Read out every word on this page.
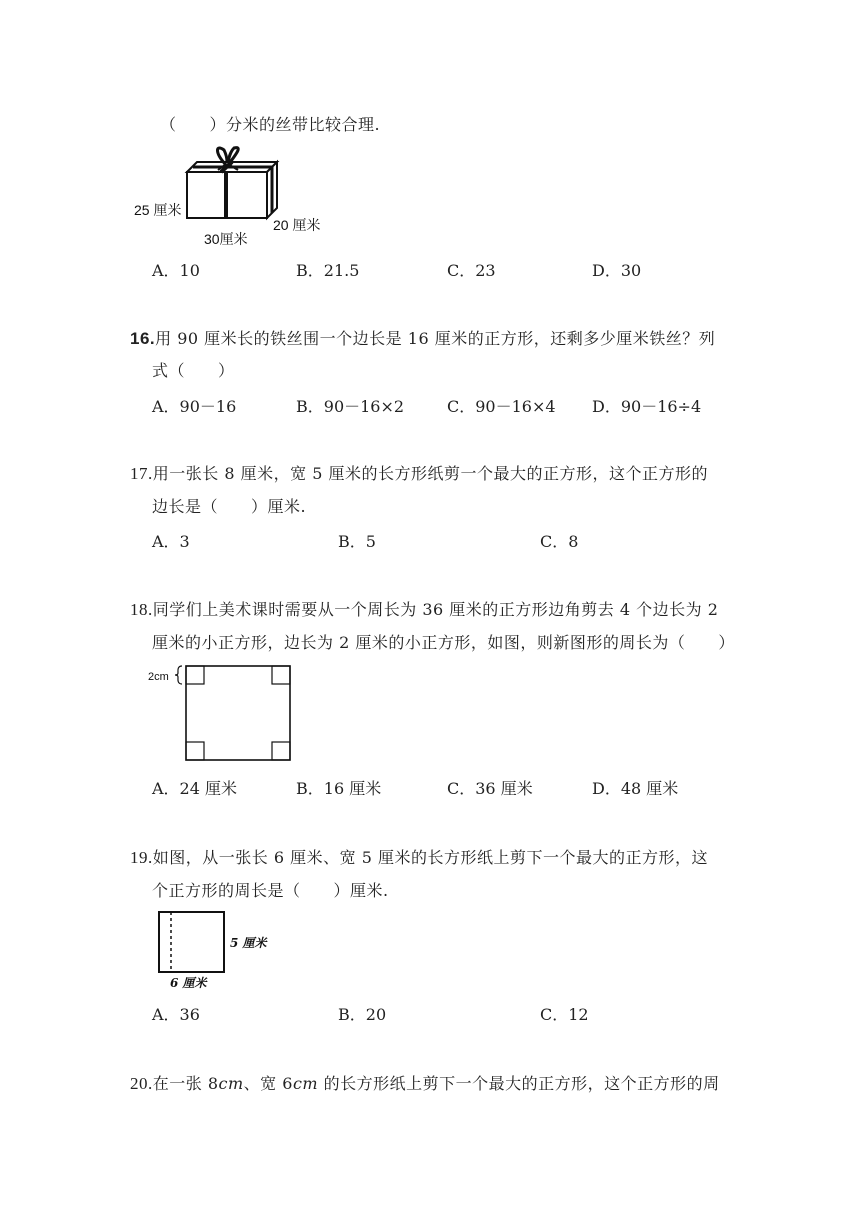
（　　）分米的丝带比较合理.
25 厘米
30厘米
20 厘米
A．10	B．21.5	C．23	D．30
16.用 90 厘米长的铁丝围一个边长是 16 厘米的正方形，还剩多少厘米铁丝？列
式（　　）
A．90－16	B．90－16×2	C．90－16×4 D．90－16÷4
17.用一张长 8 厘米，宽 5 厘米的长方形纸剪一个最大的正方形，这个正方形的
边长是（　　）厘米.
A．3	B．5	C．8
18.同学们上美术课时需要从一个周长为 36 厘米的正方形边角剪去 4 个边长为 2
厘米的小正方形，边长为 2 厘米的小正方形，如图，则新图形的周长为（　　）
2cm
A．24 厘米	B．16 厘米	C．36 厘米	D．48 厘米
19.如图，从一张长 6 厘米、宽 5 厘米的长方形纸上剪下一个最大的正方形，这
个正方形的周长是（　　）厘米.
5 厘米
6 厘米
A．36	B．20	C．12
20.在一张 8cm、宽 6cm 的长方形纸上剪下一个最大的正方形，这个正方形的周
